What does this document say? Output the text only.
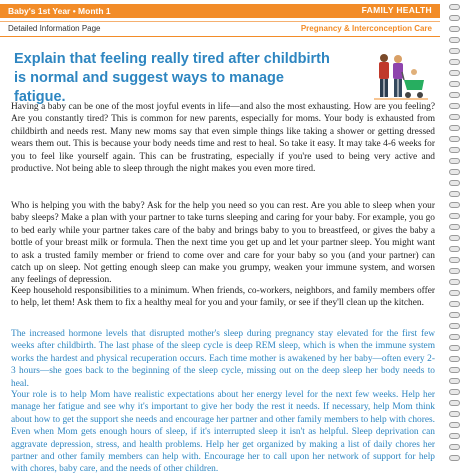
Baby's 1st Year • Month 1	FAMILY HEALTH
Detailed Information Page	Pregnancy & Interconception Care
Explain that feeling really tired after childbirth is normal and suggest ways to manage fatigue.

Having a baby can be one of the most joyful events in life—and also the most exhausting. How are you feeling? Are you constantly tired? This is common for new parents, especially for moms. Your body is exhausted from childbirth and needs rest. Many new moms say that even simple things like taking a shower or getting dressed wears them out. This is because your body needs time and rest to heal. So take it easy. It may take 4-6 weeks for you to feel like yourself again. This can be frustrating, especially if you're used to being very active and productive. Not being able to sleep through the night makes you even more tired.

Who is helping you with the baby? Ask for the help you need so you can rest. Are you able to sleep when your baby sleeps? Make a plan with your partner to take turns sleeping and caring for your baby. For example, you go to bed early while your partner takes care of the baby and brings baby to you to breastfeed, or gives the baby a bottle of your breast milk or formula. Then the next time you get up and let your partner sleep. You might want to ask a trusted family member or friend to come over and care for your baby so you (and your partner) can catch up on sleep. Not getting enough sleep can make you grumpy, weaken your immune system, and worsen any feelings of depression.

Keep household responsibilities to a minimum. When friends, co-workers, neighbors, and family members offer to help, let them! Ask them to fix a healthy meal for you and your family, or see if they'll clean up the kitchen.

The increased hormone levels that disrupted mother's sleep during pregnancy stay elevated for the first few weeks after childbirth. The last phase of the sleep cycle is deep REM sleep, which is when the immune system works the hardest and physical recuperation occurs. Each time mother is awakened by her baby—often every 2-3 hours—she goes back to the beginning of the sleep cycle, missing out on the deep sleep her body needs to heal.

Your role is to help Mom have realistic expectations about her energy level for the next few weeks. Help her manage her fatigue and see why it's important to give her body the rest it needs. If necessary, help Mom think about how to get the support she needs and encourage her partner and other family members to help with chores. Even when Mom gets enough hours of sleep, if it's interrupted sleep it isn't as helpful. Sleep deprivation can aggravate depression, stress, and health problems. Help her get organized by making a list of daily chores her partner and other family members can help with. Encourage her to call upon her network of support for help with chores, baby care, and the needs of other children.
